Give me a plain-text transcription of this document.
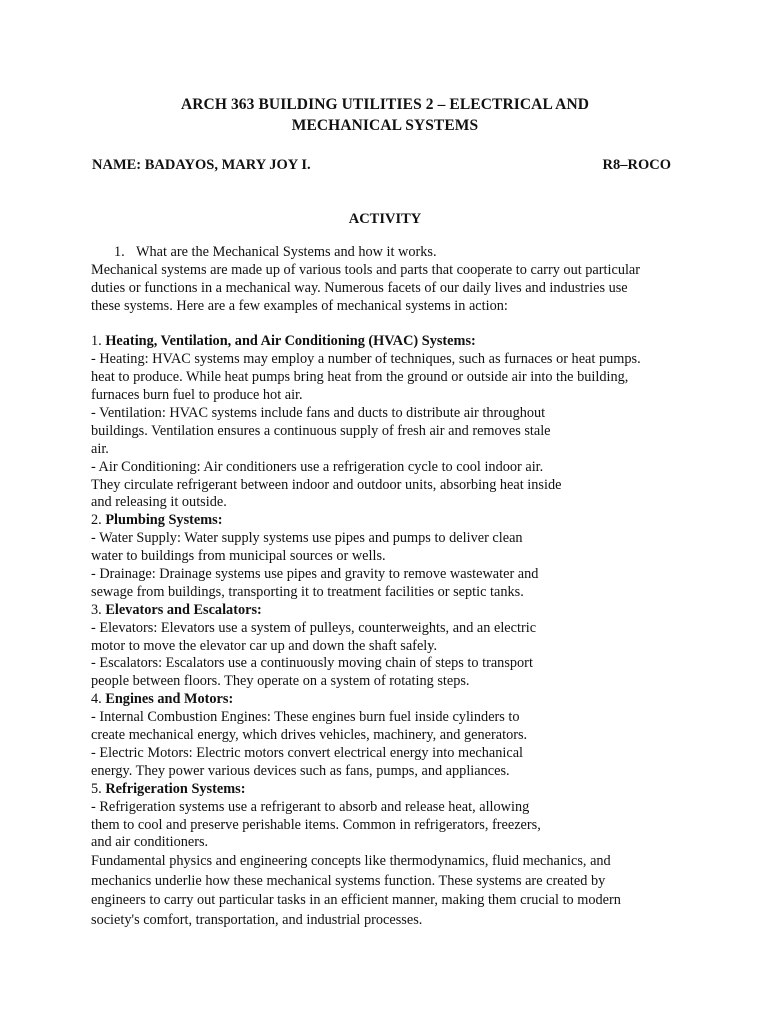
ARCH 363 BUILDING UTILITIES 2 – ELECTRICAL AND
MECHANICAL SYSTEMS
NAME: BADAYOS, MARY JOY I.	R8–ROCO
ACTIVITY
1. What are the Mechanical Systems and how it works.
Mechanical systems are made up of various tools and parts that cooperate to carry out particular
duties or functions in a mechanical way. Numerous facets of our daily lives and industries use
these systems. Here are a few examples of mechanical systems in action:
1. Heating, Ventilation, and Air Conditioning (HVAC) Systems:
- Heating: HVAC systems may employ a number of techniques, such as furnaces or heat pumps.
heat to produce. While heat pumps bring heat from the ground or outside air into the building,
furnaces burn fuel to produce hot air.
- Ventilation: HVAC systems include fans and ducts to distribute air throughout
buildings. Ventilation ensures a continuous supply of fresh air and removes stale
air.
- Air Conditioning: Air conditioners use a refrigeration cycle to cool indoor air.
They circulate refrigerant between indoor and outdoor units, absorbing heat inside
and releasing it outside.
2. Plumbing Systems:
- Water Supply: Water supply systems use pipes and pumps to deliver clean
water to buildings from municipal sources or wells.
- Drainage: Drainage systems use pipes and gravity to remove wastewater and
sewage from buildings, transporting it to treatment facilities or septic tanks.
3. Elevators and Escalators:
- Elevators: Elevators use a system of pulleys, counterweights, and an electric
motor to move the elevator car up and down the shaft safely.
- Escalators: Escalators use a continuously moving chain of steps to transport
people between floors. They operate on a system of rotating steps.
4. Engines and Motors:
- Internal Combustion Engines: These engines burn fuel inside cylinders to
create mechanical energy, which drives vehicles, machinery, and generators.
- Electric Motors: Electric motors convert electrical energy into mechanical
energy. They power various devices such as fans, pumps, and appliances.
5. Refrigeration Systems:
- Refrigeration systems use a refrigerant to absorb and release heat, allowing
them to cool and preserve perishable items. Common in refrigerators, freezers,
and air conditioners.
Fundamental physics and engineering concepts like thermodynamics, fluid mechanics, and
mechanics underlie how these mechanical systems function. These systems are created by
engineers to carry out particular tasks in an efficient manner, making them crucial to modern
society's comfort, transportation, and industrial processes.
